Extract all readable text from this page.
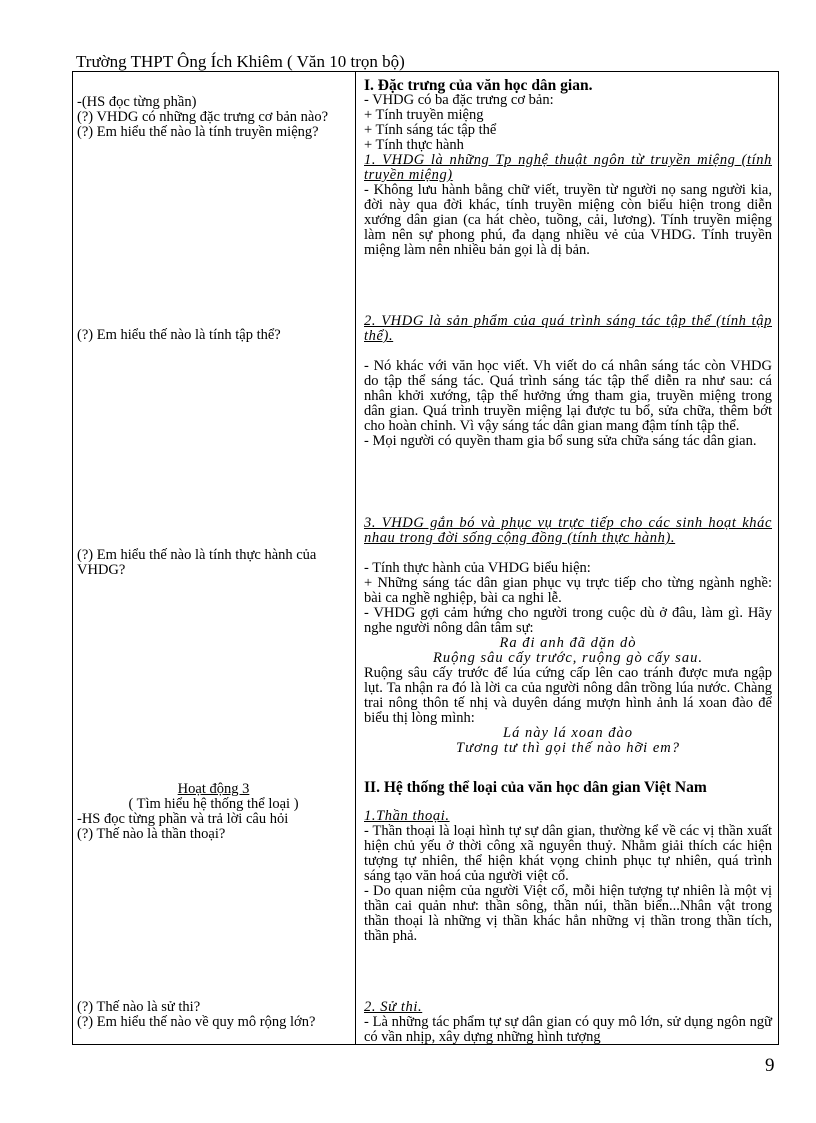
Trường THPT Ông Ích Khiêm ( Văn 10 trọn bộ)

-(HS đọc từng phần)

(?) VHDG có những đặc trưng cơ bản nào?

(?) Em hiểu thế nào là tính truyền miệng?

(?) Em hiểu thế nào là tính tập thể?

(?) Em hiểu thế nào là tính thực hành của VHDG?

Hoạt động 3

( Tìm hiểu hệ thống thể loại )

-HS đọc từng phần và trả lời câu hỏi

(?) Thế nào là thần thoại?

(?) Thế nào là sử thi?

(?) Em hiểu thế nào về quy mô rộng lớn?

I. Đặc trưng của văn học dân gian.

- VHDG có ba đặc trưng cơ bản:

+ Tính truyền miệng

+ Tính sáng tác tập thể

+ Tính thực hành

1. VHDG là những Tp nghệ thuật ngôn từ truyền miệng (tính truyền miệng)

- Không lưu hành bằng chữ viết, truyền từ người nọ sang người kia, đời này qua đời khác, tính truyền miệng còn biểu hiện trong diễn xướng dân gian (ca hát chèo, tuồng, cải, lương). Tính truyền miệng làm nên sự phong phú, đa dạng nhiều vẻ của VHDG. Tính truyền miệng làm nên nhiều bản gọi là dị bản.

2. VHDG là sản phẩm của quá trình sáng tác tập thể (tính tập thể).

- Nó khác với văn học viết. Vh viết do cá nhân sáng tác còn VHDG do tập thể sáng tác. Quá trình sáng tác tập thể diễn ra như sau: cá nhân khởi xướng, tập thể hưởng ứng tham gia, truyền miệng trong dân gian. Quá trình truyền miệng lại được tu bổ, sửa chữa, thêm bớt cho hoàn chỉnh. Vì vậy sáng tác dân gian mang đậm tính tập thể.

- Mọi người có quyền tham gia bổ sung sửa chữa sáng tác dân gian.

3. VHDG gắn bó và phục vụ trực tiếp cho các sinh hoạt khác nhau trong đời sống cộng đồng (tính thực hành).

- Tính thực hành của VHDG biểu hiện:

+ Những sáng tác dân gian phục vụ trực tiếp cho từng ngành nghề: bài ca nghề nghiệp, bài ca nghi lễ.

- VHDG gợi cảm hứng cho người trong cuộc dù ở đâu, làm gì. Hãy nghe người nông dân tâm sự:

Ra đi anh đã dặn dò

Ruộng sâu cấy trước, ruộng gò cấy sau.

Ruộng sâu cấy trước để lúa cứng cấp lên cao tránh được mưa ngập lụt. Ta nhận ra đó là lời ca của người nông dân trồng lúa nước. Chàng trai nông thôn tế nhị và duyên dáng mượn hình ảnh lá xoan đào để biểu thị lòng mình:

Lá này lá xoan đào

Tương tư thì gọi thế nào hỡi em?

II. Hệ thống thể loại của văn học dân gian Việt Nam

1.Thần thoại.

- Thần thoại là loại hình tự sự dân gian, thường kể về các vị thần xuất hiện chủ yếu ở thời công xã nguyên thuỷ. Nhằm giải thích các hiện tượng tự nhiên, thể hiện khát vọng chinh phục tự nhiên, quá trình sáng tạo văn hoá của người việt cổ.

- Do quan niệm của người Việt cổ, mỗi hiện tượng tự nhiên là một vị thần cai quản như: thần sông, thần núi, thần biển...Nhân vật trong thần thoại là những vị thần khác hẳn những vị thần trong thần tích, thần phả.

2. Sử thi.

- Là những tác phẩm tự sự dân gian có quy mô lớn, sử dụng ngôn ngữ có vần nhịp, xây dựng những hình tượng

9
